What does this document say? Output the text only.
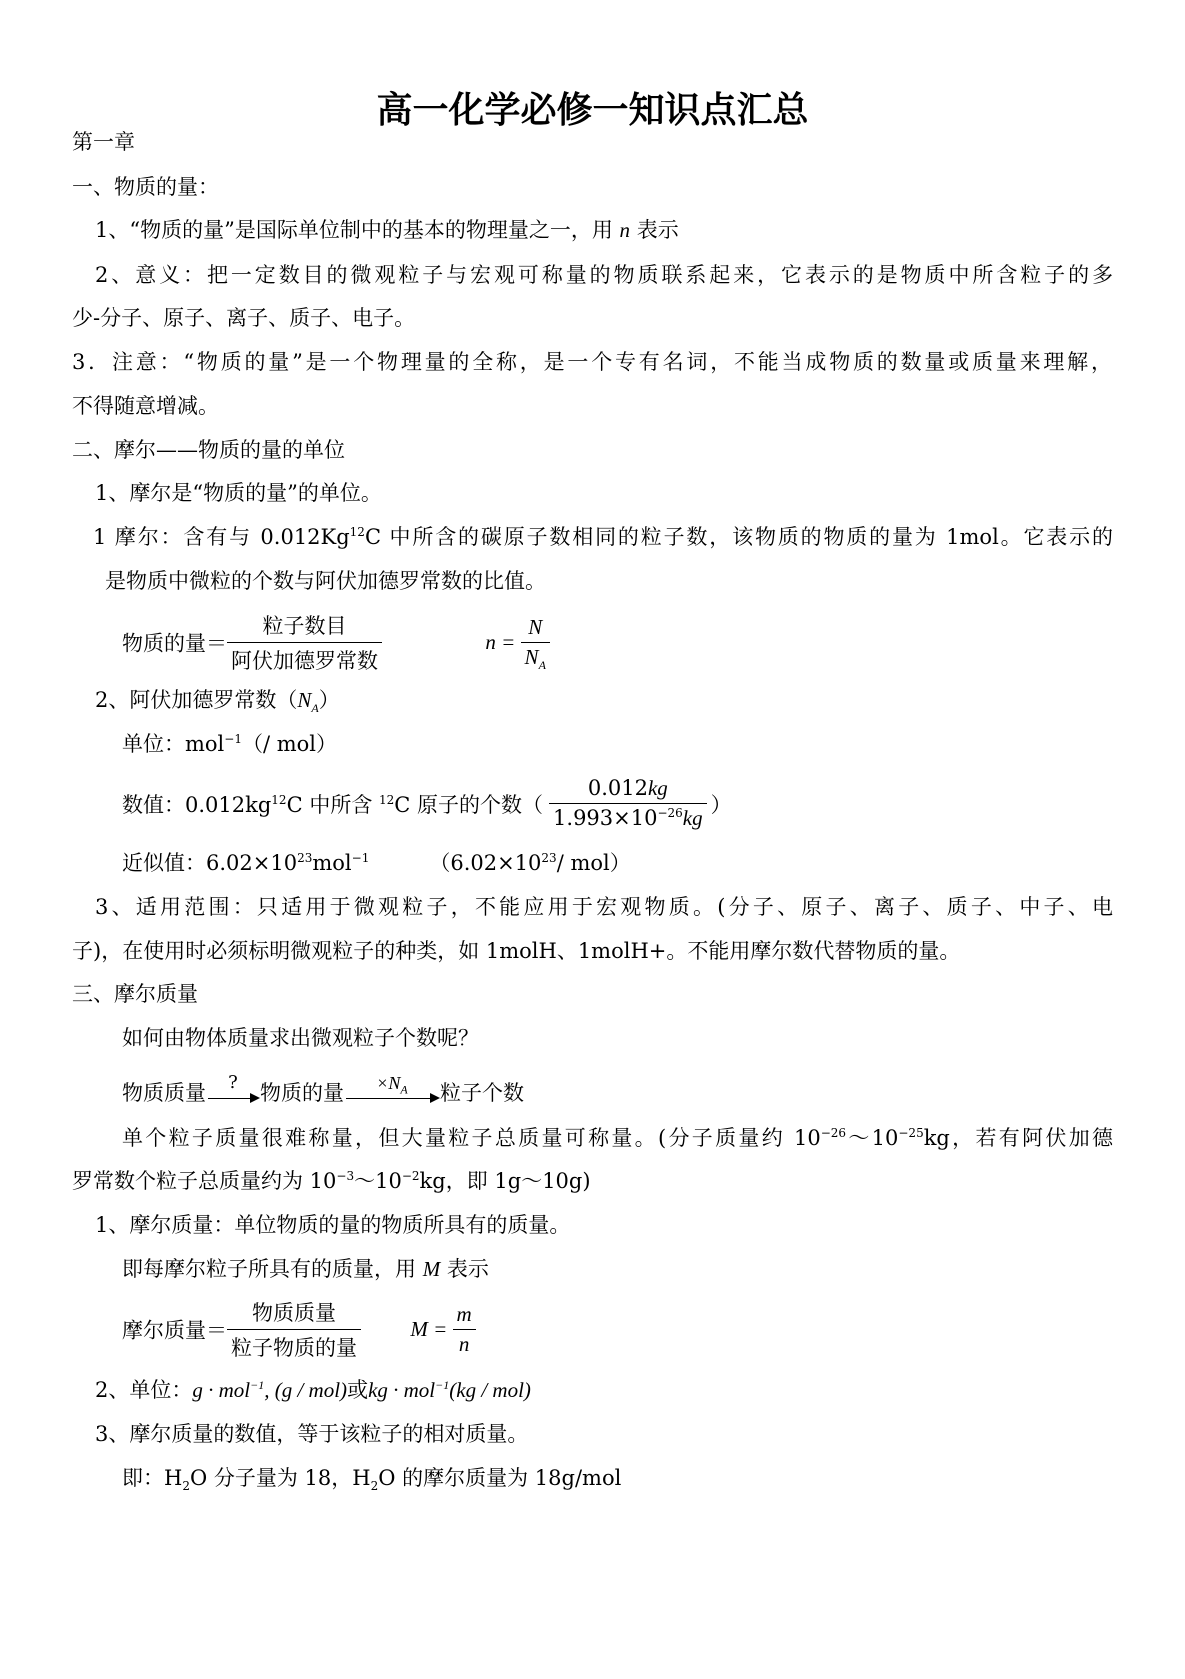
高一化学必修一知识点汇总
第一章
一、物质的量：
1、“物质的量”是国际单位制中的基本的物理量之一，用 n 表示
2、意义：把一定数目的微观粒子与宏观可称量的物质联系起来，它表示的是物质中所含粒子的多
少-分子、原子、离子、质子、电子。
3．注意：“物质的量”是一个物理量的全称，是一个专有名词，不能当成物质的数量或质量来理解，
不得随意增减。
二、摩尔——物质的量的单位
1、摩尔是“物质的量”的单位。
1 摩尔：含有与 0.012Kg$^{12}$C 中所含的碳原子数相同的粒子数，该物质的物质的量为 1mol。它表示的
是物质中微粒的个数与阿伏加德罗常数的比值。
物质的量＝ $\frac{\text{粒子数目}}{\text{阿伏加德罗常数}}$	$n = \frac{N}{N_A}$
2、阿伏加德罗常数$(N_A)$
单位：mol$^{-1}$（/ mol）
数值：$0.012kg^{12}C$ 中所含 $^{12}$C 原子的个数（ $\frac{0.012kg}{1.993\times 10^{-26}kg}$ ）
近似值：$6.02\times 10^{23}mol^{-1}$	（$6.02\times 10^{23}/$ mol）
3、适用范围：只适用于微观粒子，不能应用于宏观物质。(分子、原子、离子、质子、中子、电
子)，在使用时必须标明微观粒子的种类，如 1molH、1molH+。不能用摩尔数代替物质的量。
三、摩尔质量
如何由物体质量求出微观粒子个数呢？
物质质量	?	物质的量	$\times N_A$	粒子个数
单个粒子质量很难称量，但大量粒子总质量可称量。(分子质量约 $10^{-26}\sim 10^{-25}kg$，若有阿伏加德
罗常数个粒子总质量约为 $10^{-3}\sim 10^{-2}kg$，即 1g～10g)
1、摩尔质量：单位物质的量的物质所具有的质量。
即每摩尔粒子所具有的质量，用 M 表示
摩尔质量＝ $\frac{\text{物质质量}}{\text{粒子物质的量}}$ $M = \frac{m}{n}$
2、单位：g · mol$^{-1}$, (g / mol)或kg · mol$^{-1}$(kg / mol)
3、摩尔质量的数值，等于该粒子的相对质量。
即：$H_2O$ 分子量为 18，$H_2O$ 的摩尔质量为 18g/mol
